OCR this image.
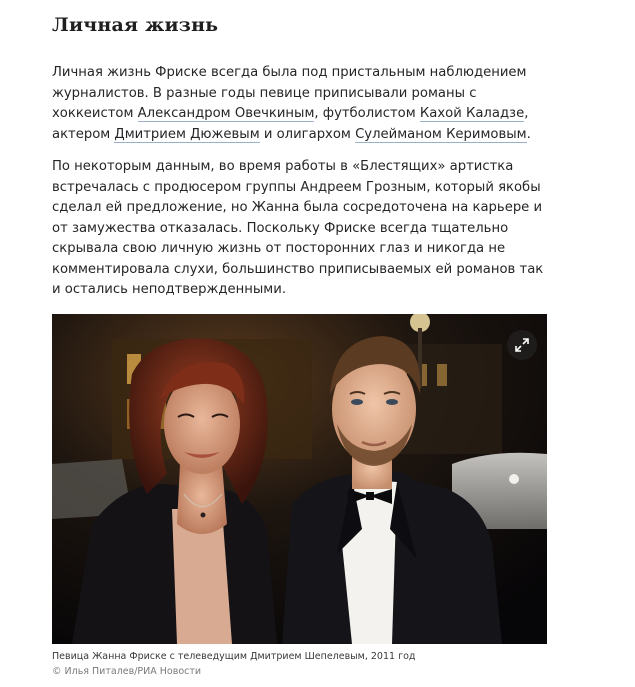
Личная жизнь

Личная жизнь Фриске всегда была под пристальным наблюдением журналистов. В разные годы певице приписывали романы с хоккеистом Александром Овечкиным, футболистом Кахой Каладзе, актером Дмитрием Дюжевым и олигархом Сулейманом Керимовым.

По некоторым данным, во время работы в «Блестящих» артистка встречалась с продюсером группы Андреем Грозным, который якобы сделал ей предложение, но Жанна была сосредоточена на карьере и от замужества отказалась. Поскольку Фриске всегда тщательно скрывала свою личную жизнь от посторонних глаз и никогда не комментировала слухи, большинство приписываемых ей романов так и остались неподтвержденными.

Певица Жанна Фриске с телеведущим Дмитрием Шепелевым, 2011 год

© Илья Питалев/РИА Новости
